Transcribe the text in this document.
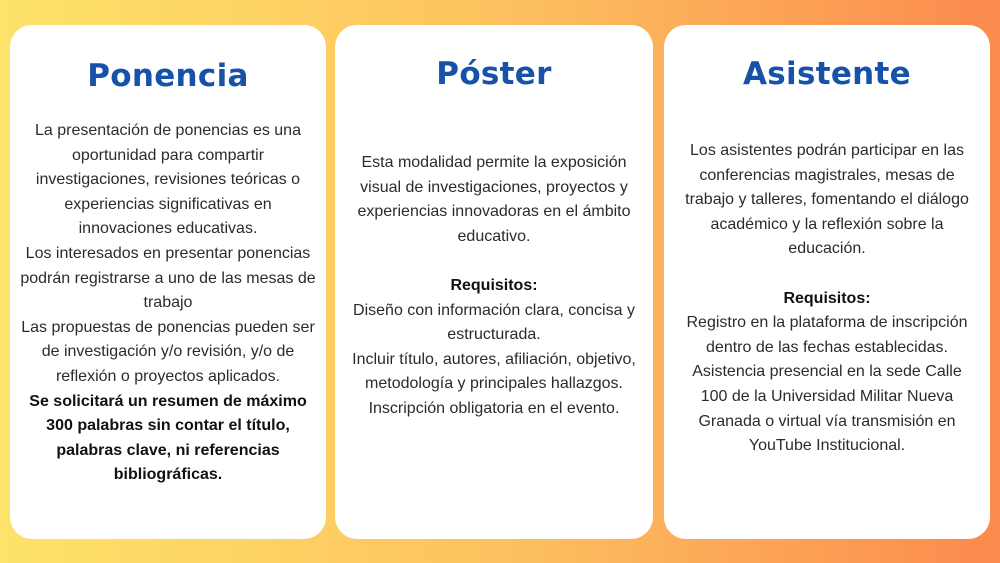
Ponencia

La presentación de ponencias es una oportunidad para compartir investigaciones, revisiones teóricas o experiencias significativas en innovaciones educativas.

Los interesados en presentar ponencias podrán registrarse a uno de las mesas de trabajo

Las propuestas de ponencias pueden ser de investigación y/o revisión, y/o de reflexión o proyectos aplicados.

Se solicitará un resumen de máximo 300 palabras sin contar el título, palabras clave, ni referencias bibliográficas.

Póster

Esta modalidad permite la exposición visual de investigaciones, proyectos y experiencias innovadoras en el ámbito educativo.

Requisitos:

Diseño con información clara, concisa y estructurada.

Incluir título, autores, afiliación, objetivo, metodología y principales hallazgos.

Inscripción obligatoria en el evento.

Asistente

Los asistentes podrán participar en las conferencias magistrales, mesas de trabajo y talleres, fomentando el diálogo académico y la reflexión sobre la educación.

Requisitos:

Registro en la plataforma de inscripción dentro de las fechas establecidas.

Asistencia presencial en la sede Calle 100 de la Universidad Militar Nueva Granada o virtual vía transmisión en YouTube Institucional.
